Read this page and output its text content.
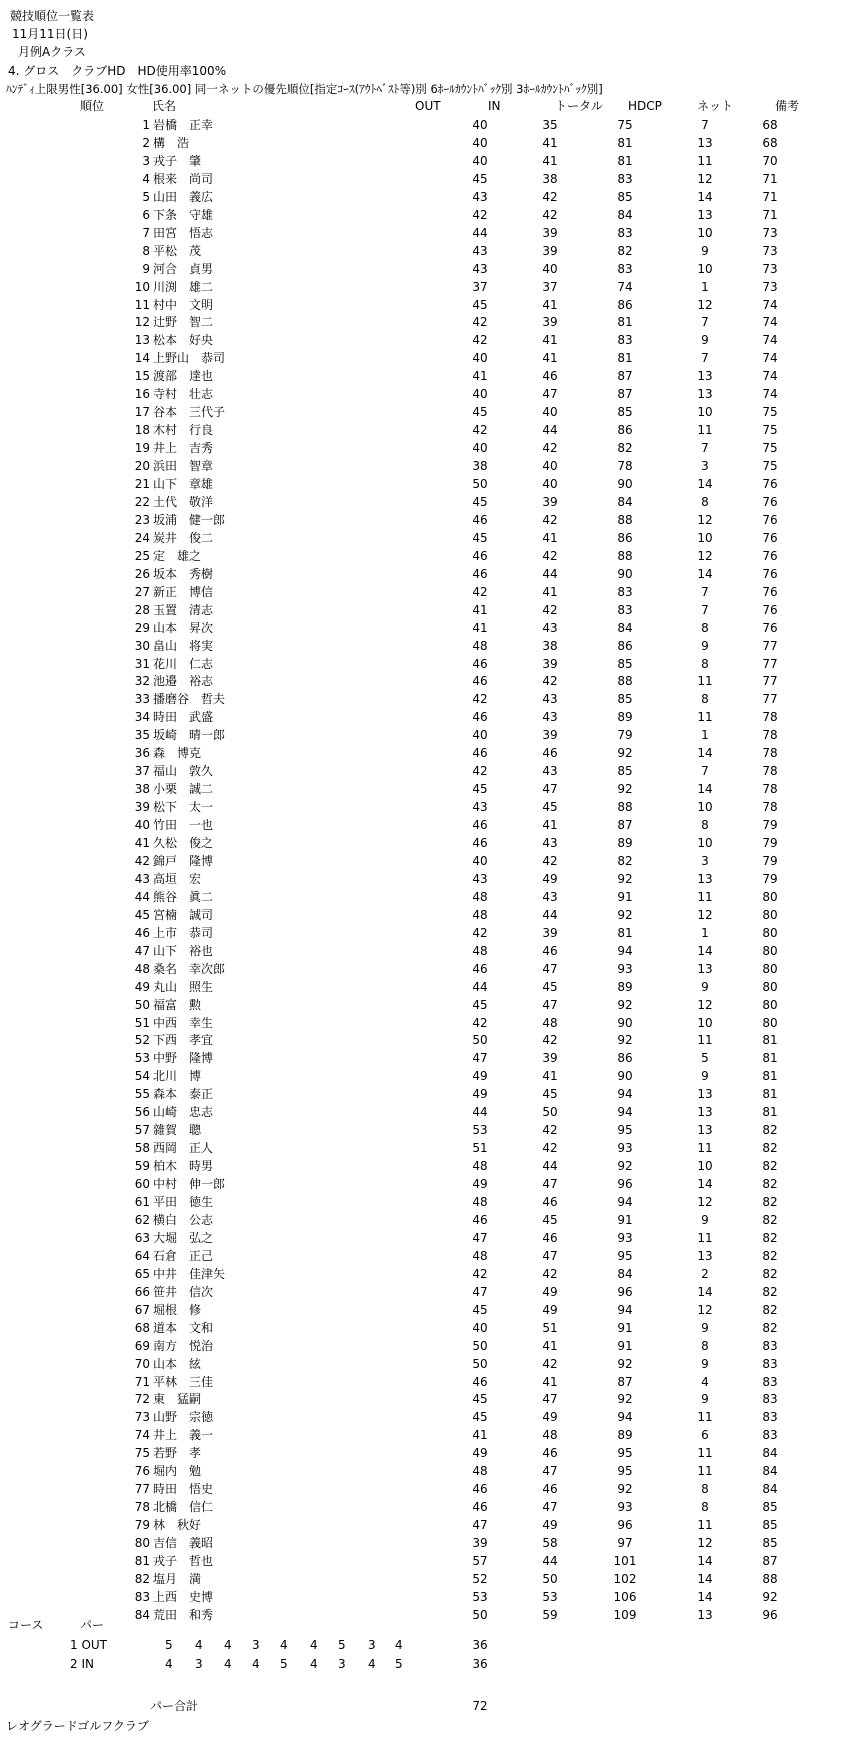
競技順位一覧表
11月11日(日)
月例Aクラス
4. グロス　クラブHD　HD使用率100%
ﾊﾝﾃﾞｨ上限男性[36.00] 女性[36.00] 同一ネットの優先順位[指定ｺｰｽ(ｱｳﾄﾍﾞｽﾄ等)別 6ﾎｰﾙｶｳﾝﾄﾊﾞｯｸ別 3ﾎｰﾙｶｳﾝﾄﾊﾞｯｸ別]
順位	氏名	OUT	IN	トータル HDCP	ネット	備考
1 岩橋　正幸	40	35	75	7	68
2 構　浩	40	41	81	13	68
3 戎子　肇	40	41	81	11	70
4 根来　尚司	45	38	83	12	71
5 山田　義広	43	42	85	14	71
6 下条　守雄	42	42	84	13	71
7 田宮　悟志	44	39	83	10	73
8 平松　茂	43	39	82	9	73
9 河合　貞男	43	40	83	10	73
10 川渕　雄二	37	37	74	1	73
11 村中　文明	45	41	86	12	74
12 辻野　智二	42	39	81	7	74
13 松本　好央	42	41	83	9	74
14 上野山　恭司	40	41	81	7	74
15 渡部　達也	41	46	87	13	74
16 寺村　壮志	40	47	87	13	74
17 谷本　三代子	45	40	85	10	75
18 木村　行良	42	44	86	11	75
19 井上　吉秀	40	42	82	7	75
20 浜田　智章	38	40	78	3	75
21 山下　章雄	50	40	90	14	76
22 土代　敬洋	45	39	84	8	76
23 坂浦　健一郎	46	42	88	12	76
24 炭井　俊二	45	41	86	10	76
25 定　雄之	46	42	88	12	76
26 坂本　秀樹	46	44	90	14	76
27 新正　博信	42	41	83	7	76
28 玉置　清志	41	42	83	7	76
29 山本　昇次	41	43	84	8	76
30 畠山　将実	48	38	86	9	77
31 花川　仁志	46	39	85	8	77
32 池邉　裕志	46	42	88	11	77
33 播磨谷　哲夫	42	43	85	8	77
34 時田　武盛	46	43	89	11	78
35 坂崎　晴一郎	40	39	79	1	78
36 森　博克	46	46	92	14	78
37 福山　敦久	42	43	85	7	78
38 小栗　誠二	45	47	92	14	78
39 松下　太一	43	45	88	10	78
40 竹田　一也	46	41	87	8	79
41 久松　俊之	46	43	89	10	79
42 錦戸　隆博	40	42	82	3	79
43 高垣　宏	43	49	92	13	79
44 熊谷　眞二	48	43	91	11	80
45 宮楠　誠司	48	44	92	12	80
46 上市　恭司	42	39	81	1	80
47 山下　裕也	48	46	94	14	80
48 桑名　幸次郎	46	47	93	13	80
49 丸山　照生	44	45	89	9	80
50 福富　勲	45	47	92	12	80
51 中西　幸生	42	48	90	10	80
52 下西　孝宜	50	42	92	11	81
53 中野　隆博	47	39	86	5	81
54 北川　博	49	41	90	9	81
55 森本　泰正	49	45	94	13	81
56 山崎　忠志	44	50	94	13	81
57 雜賀　聰	53	42	95	13	82
58 西岡　正人	51	42	93	11	82
59 柏木　時男	48	44	92	10	82
60 中村　伸一郎	49	47	96	14	82
61 平田　徳生	48	46	94	12	82
62 横白　公志	46	45	91	9	82
63 大堀　弘之	47	46	93	11	82
64 石倉　正己	48	47	95	13	82
65 中井　佳津矢	42	42	84	2	82
66 笹井　信次	47	49	96	14	82
67 堀根　修	45	49	94	12	82
68 道本　文和	40	51	91	9	82
69 南方　悦治	50	41	91	8	83
70 山本　絃	50	42	92	9	83
71 平林　三佳	46	41	87	4	83
72 東　猛嗣	45	47	92	9	83
73 山野　宗徳	45	49	94	11	83
74 井上　義一	41	48	89	6	83
75 若野　孝	49	46	95	11	84
76 堀内　勉	48	47	95	11	84
77 時田　悟史	46	46	92	8	84
78 北橋　信仁	46	47	93	8	85
79 林　秋好	47	49	96	11	85
80 吉信　義昭	39	58	97	12	85
81 戎子　哲也	57	44	101	14	87
82 塩月　満	52	50	102	14	88
83 上西　史博	53	53	106	14	92
84 荒田　和秀	50	59	109	13	96
コース	パー
1 OUT	5 4 4 3 4 4 5 3 4	36
2 IN	4 3 4 4 5 4 3 4 5	36
パー合計	72
レオグラードゴルフクラブ
